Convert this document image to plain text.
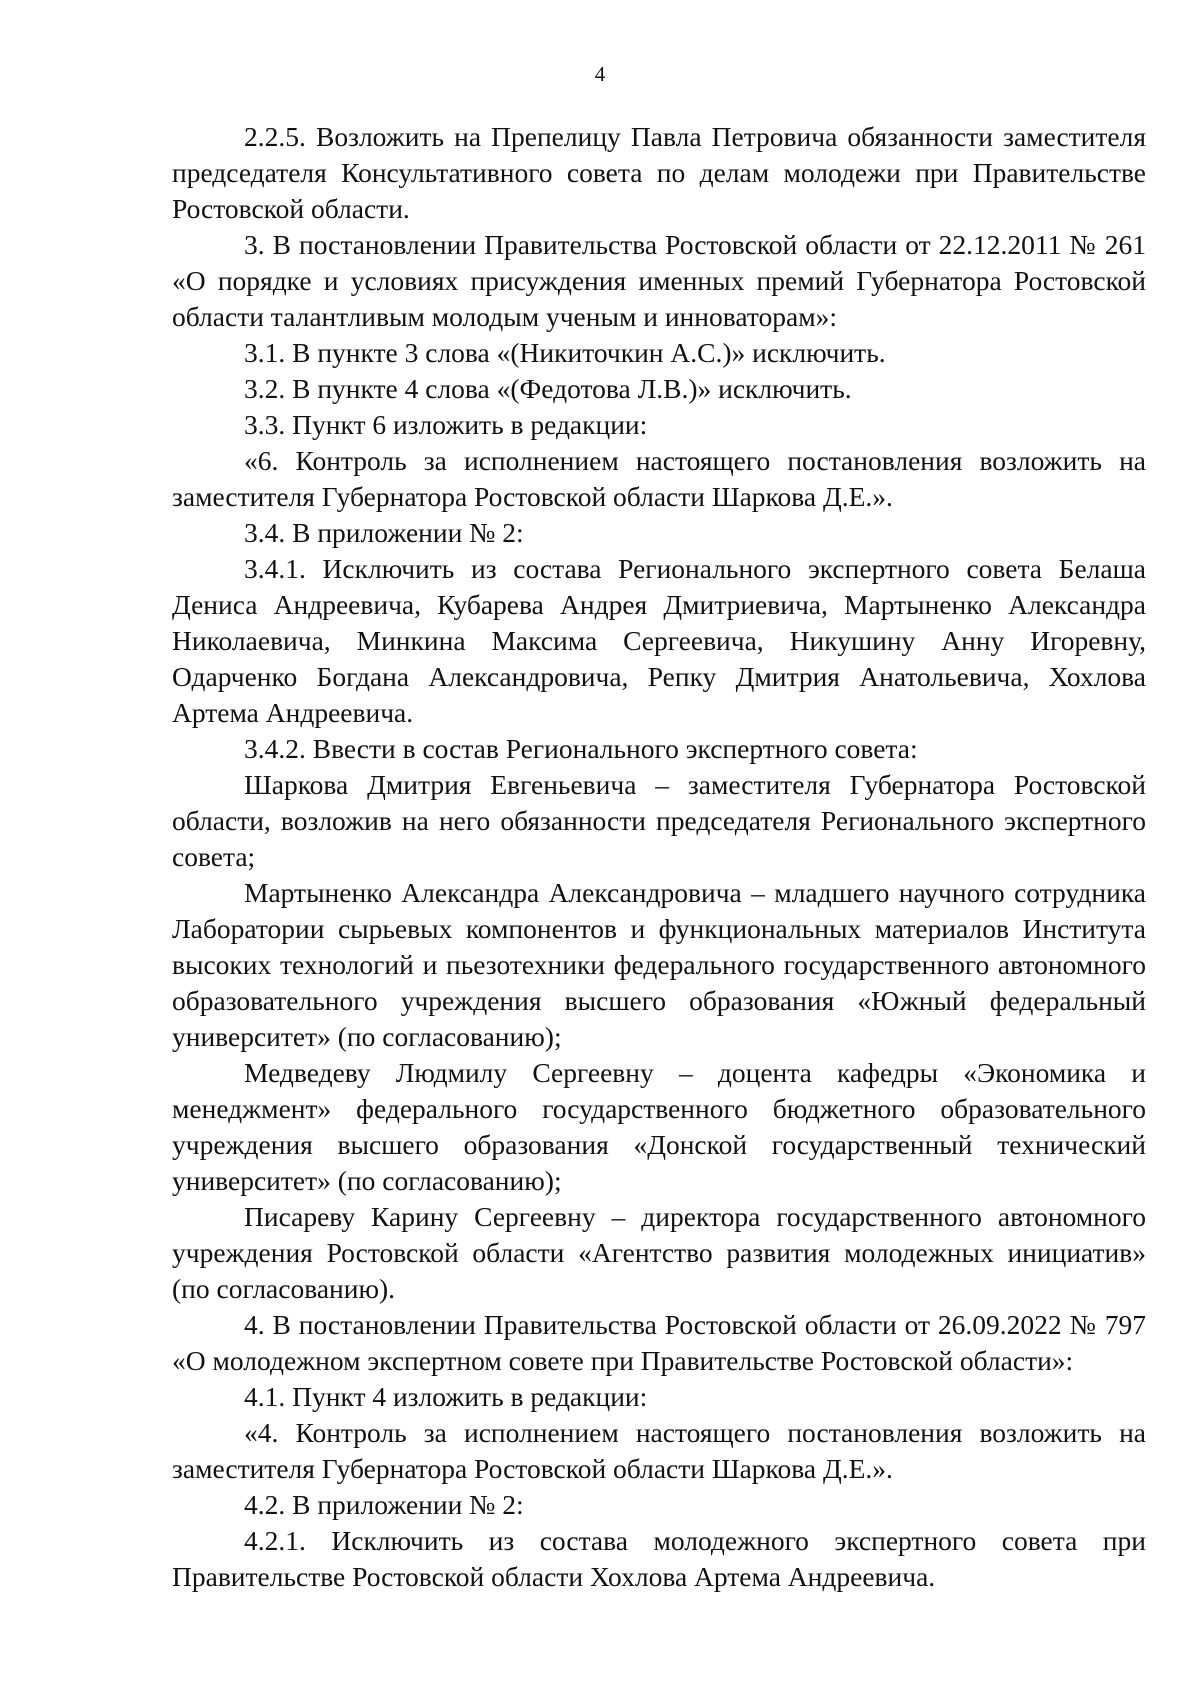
4

2.2.5. Возложить на Препелицу Павла Петровича обязанности заместителя председателя Консультативного совета по делам молодежи при Правительстве Ростовской области.

3. В постановлении Правительства Ростовской области от 22.12.2011 № 261 «О порядке и условиях присуждения именных премий Губернатора Ростовской области талантливым молодым ученым и инноваторам»:

3.1. В пункте 3 слова «(Никиточкин А.С.)» исключить.

3.2. В пункте 4 слова «(Федотова Л.В.)» исключить.

3.3. Пункт 6 изложить в редакции:

«6. Контроль за исполнением настоящего постановления возложить на заместителя Губернатора Ростовской области Шаркова Д.Е.».

3.4. В приложении № 2:

3.4.1. Исключить из состава Регионального экспертного совета Белаша Дениса Андреевича, Кубарева Андрея Дмитриевича, Мартыненко Александра Николаевича, Минкина Максима Сергеевича, Никушину Анну Игоревну, Одарченко Богдана Александровича, Репку Дмитрия Анатольевича, Хохлова Артема Андреевича.

3.4.2. Ввести в состав Регионального экспертного совета:

Шаркова Дмитрия Евгеньевича – заместителя Губернатора Ростовской области, возложив на него обязанности председателя Регионального экспертного совета;

Мартыненко Александра Александровича – младшего научного сотрудника Лаборатории сырьевых компонентов и функциональных материалов Института высоких технологий и пьезотехники федерального государственного автономного образовательного учреждения высшего образования «Южный федеральный университет» (по согласованию);

Медведеву Людмилу Сергеевну – доцента кафедры «Экономика и менеджмент» федерального государственного бюджетного образовательного учреждения высшего образования «Донской государственный технический университет» (по согласованию);

Писареву Карину Сергеевну – директора государственного автономного учреждения Ростовской области «Агентство развития молодежных инициатив» (по согласованию).

4. В постановлении Правительства Ростовской области от 26.09.2022 № 797 «О молодежном экспертном совете при Правительстве Ростовской области»:

4.1. Пункт 4 изложить в редакции:

«4. Контроль за исполнением настоящего постановления возложить на заместителя Губернатора Ростовской области Шаркова Д.Е.».

4.2. В приложении № 2:

4.2.1. Исключить из состава молодежного экспертного совета при Правительстве Ростовской области Хохлова Артема Андреевича.
